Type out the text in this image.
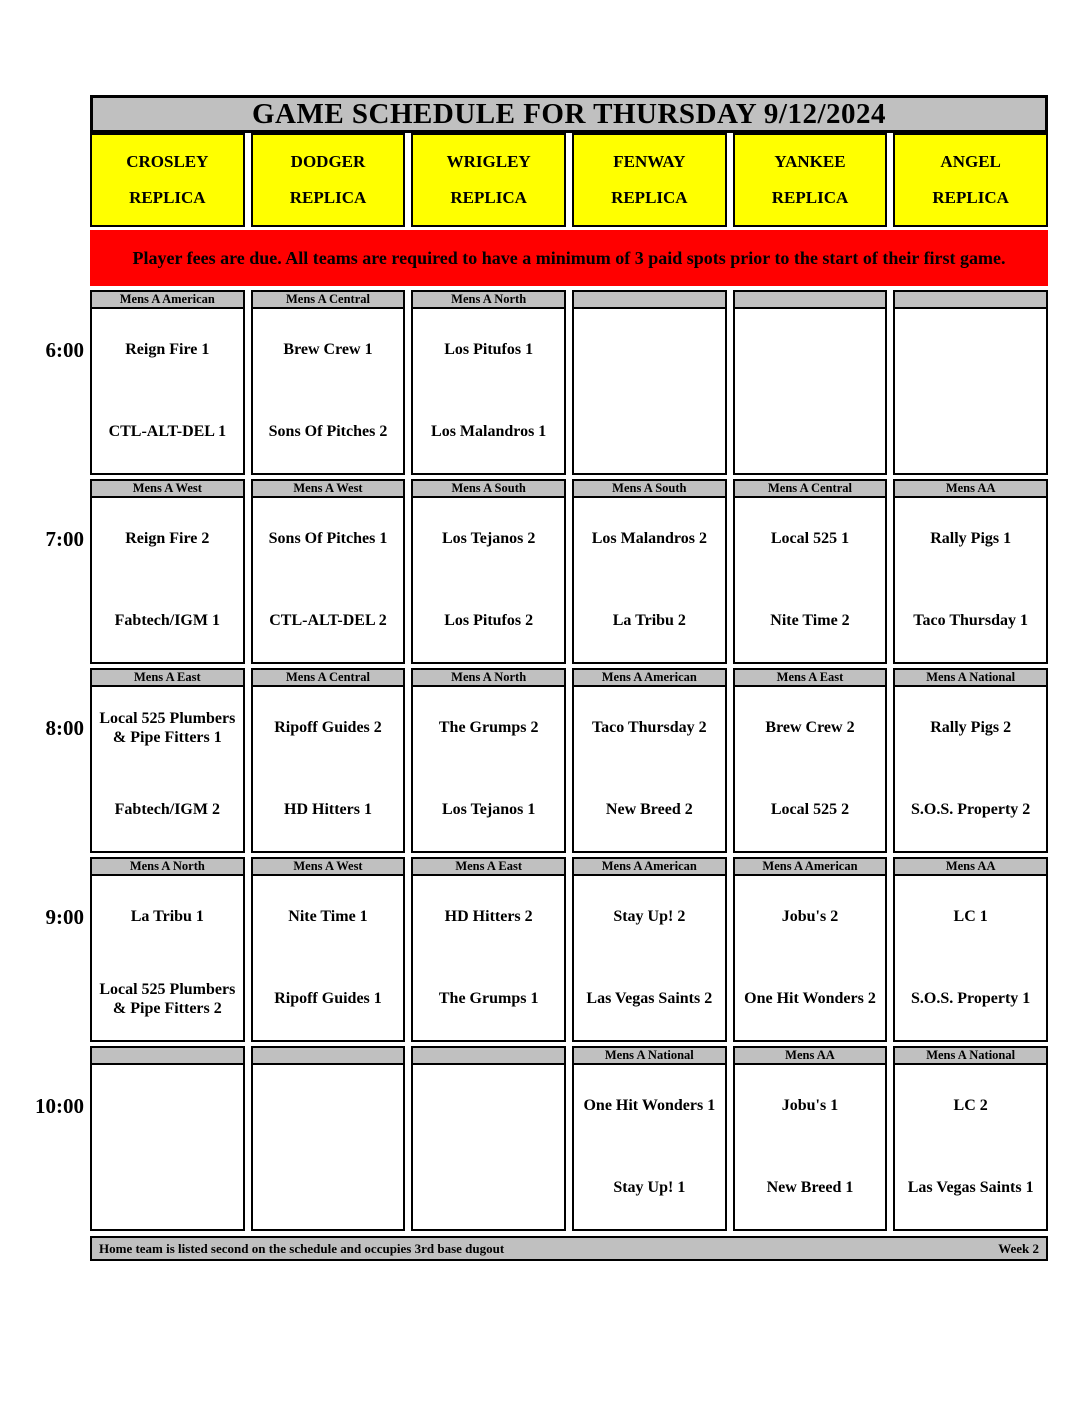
6:00
7:00
8:00
9:00
10:00
GAME SCHEDULE FOR THURSDAY 9/12/2024
CROSLEY
REPLICA
DODGER
REPLICA
WRIGLEY
REPLICA
FENWAY
REPLICA
YANKEE
REPLICA
ANGEL
REPLICA
Player fees are due. All teams are required to have a minimum of 3 paid spots prior to the start of their first game.
Mens A American
Reign Fire 1
CTL-ALT-DEL 1
Mens A Central
Brew Crew 1
Sons Of Pitches 2
Mens A North
Los Pitufos 1
Los Malandros 1
Mens A West
Reign Fire 2
Fabtech/IGM 1
Mens A West
Sons Of Pitches 1
CTL-ALT-DEL 2
Mens A South
Los Tejanos 2
Los Pitufos 2
Mens A South
Los Malandros 2
La Tribu 2
Mens A Central
Local 525 1
Nite Time 2
Mens AA
Rally Pigs 1
Taco Thursday 1
Mens A East
Local 525 Plumbers & Pipe Fitters 1
Fabtech/IGM 2
Mens A Central
Ripoff Guides 2
HD Hitters 1
Mens A North
The Grumps 2
Los Tejanos 1
Mens A American
Taco Thursday 2
New Breed 2
Mens A East
Brew Crew 2
Local 525 2
Mens A National
Rally Pigs 2
S.O.S. Property 2
Mens A North
La Tribu 1
Local 525 Plumbers & Pipe Fitters 2
Mens A West
Nite Time 1
Ripoff Guides 1
Mens A East
HD Hitters 2
The Grumps 1
Mens A American
Stay Up! 2
Las Vegas Saints 2
Mens A American
Jobu's 2
One Hit Wonders 2
Mens AA
LC 1
S.O.S. Property 1
Mens A National
One Hit Wonders 1
Stay Up! 1
Mens AA
Jobu's 1
New Breed 1
Mens A National
LC 2
Las Vegas Saints 1
Home team is listed second on the schedule and occupies 3rd base dugout	Week 2
